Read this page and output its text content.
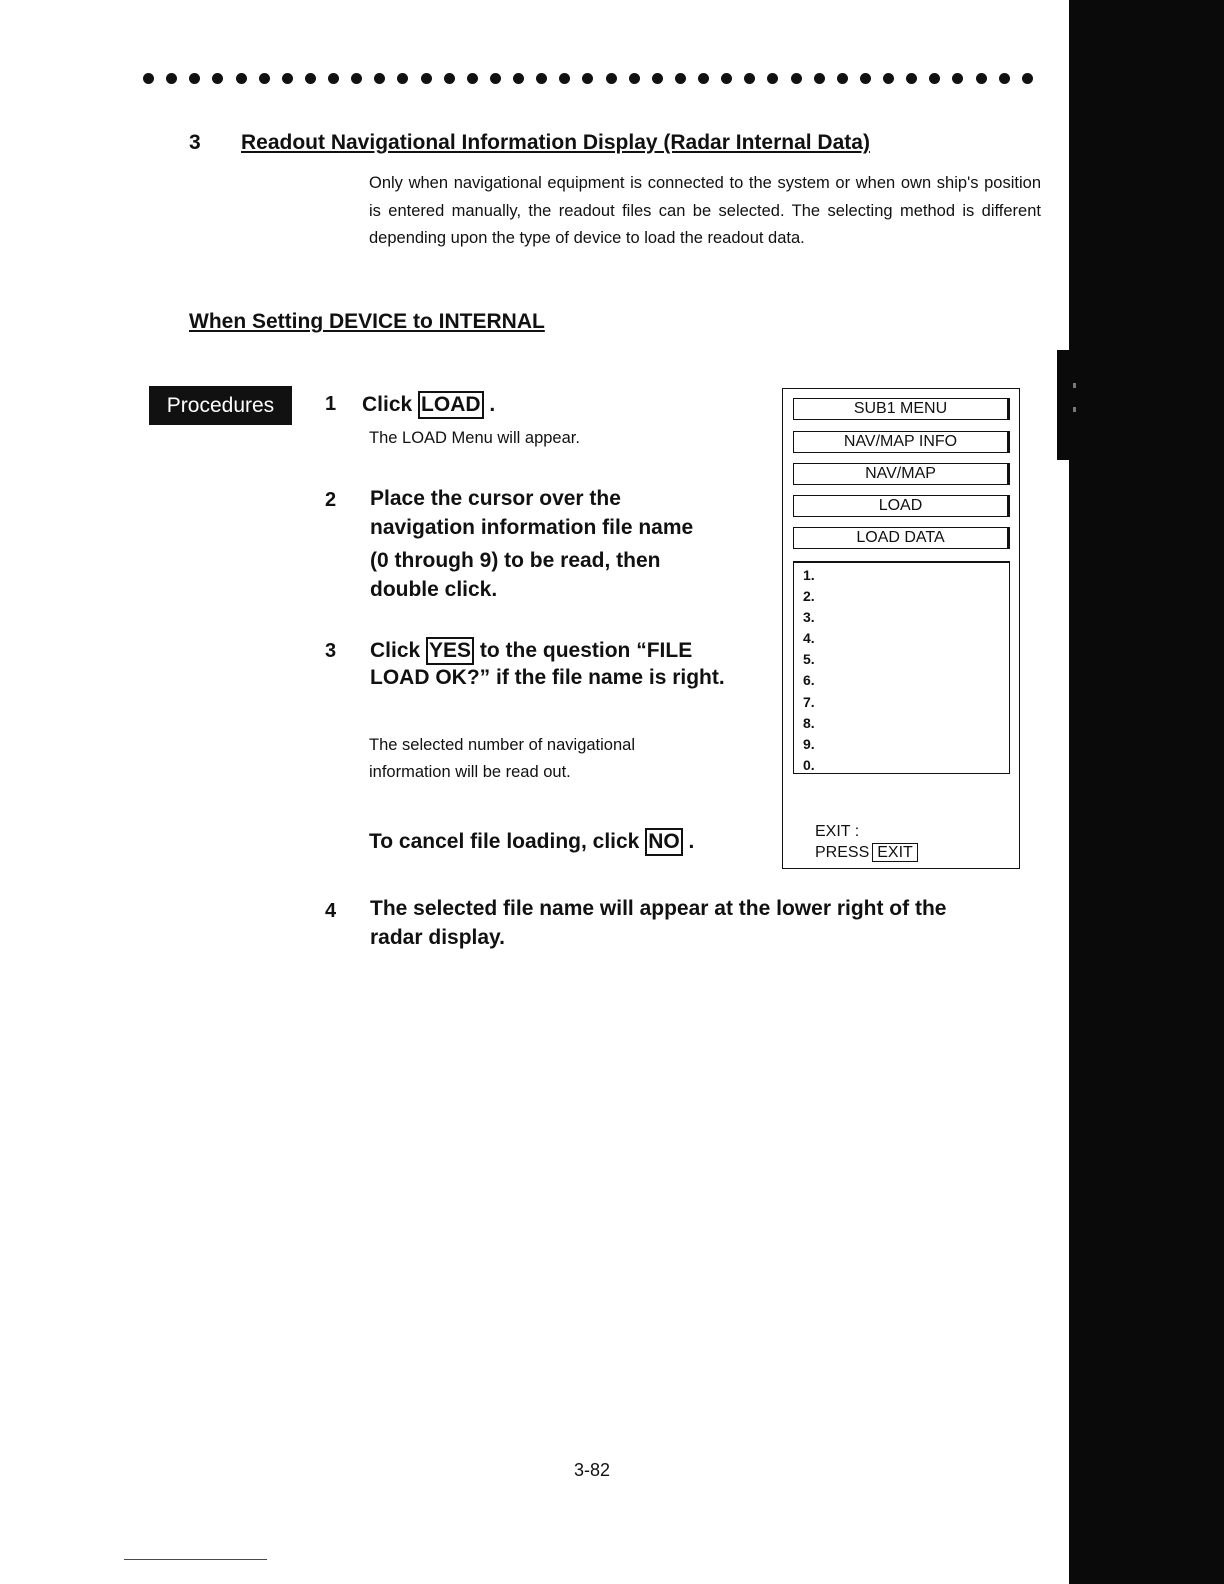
3 Readout Navigational Information Display (Radar Internal Data)

Only when navigational equipment is connected to the system or when own ship's position is entered manually, the readout files can be selected. The selecting method is different depending upon the type of device to load the readout data.

When Setting DEVICE to INTERNAL
Procedures	1 Click LOAD .
The LOAD Menu will appear.
2 Place the cursor over the
navigation information file name
(0 through 9) to be read, then
double click.
3 Click YES to the question “FILE
LOAD OK?” if the file name is right.
The selected number of navigational
information will be read out.
To cancel file loading, click NO .
4 The selected file name will appear at the lower right of the
radar display.
SUB1 MENU
NAV/MAP INFO
NAV/MAP
LOAD
LOAD DATA
1.
2.
3.
4.
5.
6.
7.
8.
9.
0.
EXIT :
PRESS EXIT

3-82
